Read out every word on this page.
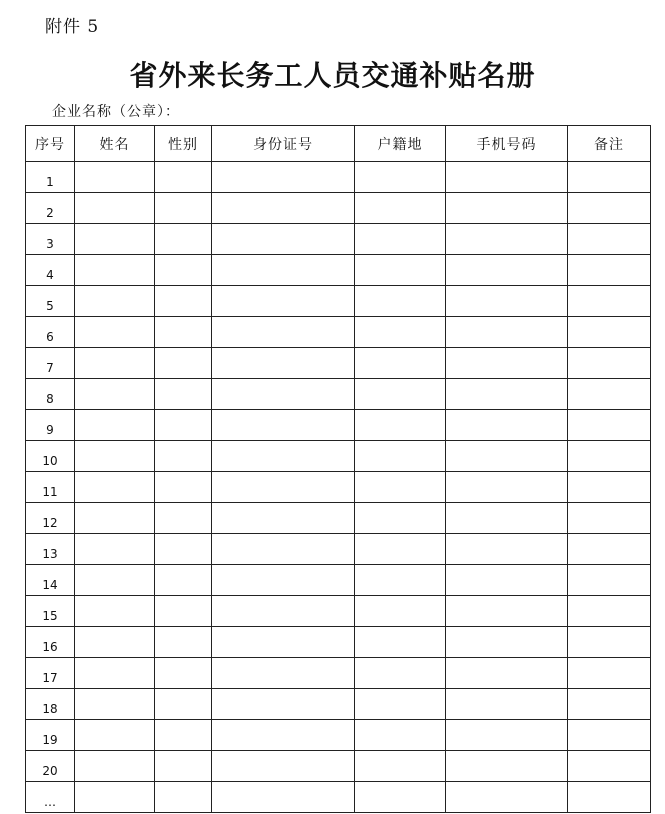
附件 5
省外来长务工人员交通补贴名册
企业名称（公章）：
序号	姓名	性别	身份证号	户籍地	手机号码	备注
1						
2						
3						
4						
5						
6						
7						
8						
9						
10						
11						
12						
13						
14						
15						
16						
17						
18						
19						
20						
…						
